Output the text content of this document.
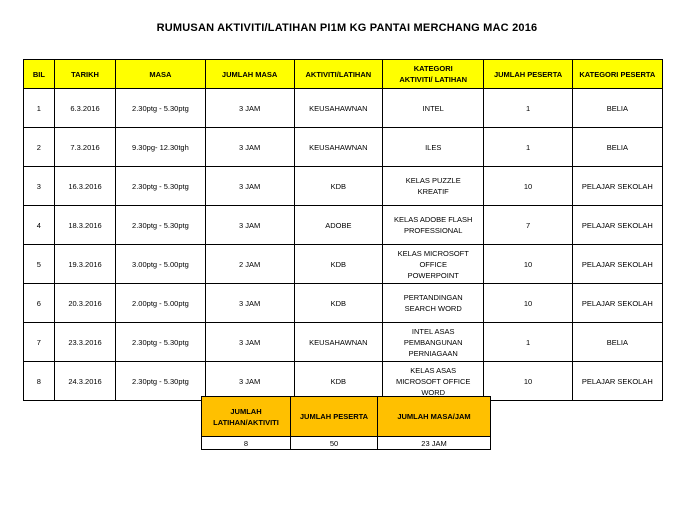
RUMUSAN AKTIVITI/LATIHAN PI1M KG PANTAI MERCHANG MAC 2016
BIL	TARIKH	MASA	JUMLAH MASA	AKTIVITI/LATIHAN	KATEGORI AKTIVITI/ LATIHAN	JUMLAH PESERTA	KATEGORI PESERTA
1	6.3.2016	2.30ptg - 5.30ptg	3 JAM	KEUSAHAWNAN	INTEL	1	BELIA
2	7.3.2016	9.30pg- 12.30tgh	3 JAM	KEUSAHAWNAN	ILES	1	BELIA
3	16.3.2016	2.30ptg - 5.30ptg	3 JAM	KDB	KELAS PUZZLE KREATIF	10	PELAJAR SEKOLAH
4	18.3.2016	2.30ptg - 5.30ptg	3 JAM	ADOBE	KELAS ADOBE FLASH PROFESSIONAL	7	PELAJAR SEKOLAH
5	19.3.2016	3.00ptg - 5.00ptg	2 JAM	KDB	KELAS MICROSOFT OFFICE POWERPOINT	10	PELAJAR SEKOLAH
6	20.3.2016	2.00ptg - 5.00ptg	3 JAM	KDB	PERTANDINGAN SEARCH WORD	10	PELAJAR SEKOLAH
7	23.3.2016	2.30ptg - 5.30ptg	3 JAM	KEUSAHAWNAN	INTEL ASAS PEMBANGUNAN PERNIAGAAN	1	BELIA
8	24.3.2016	2.30ptg - 5.30ptg	3 JAM	KDB	KELAS ASAS MICROSOFT OFFICE WORD	10	PELAJAR SEKOLAH
JUMLAH LATIHAN/AKTIVITI	JUMLAH PESERTA	JUMLAH MASA/JAM
8	50	23 JAM
